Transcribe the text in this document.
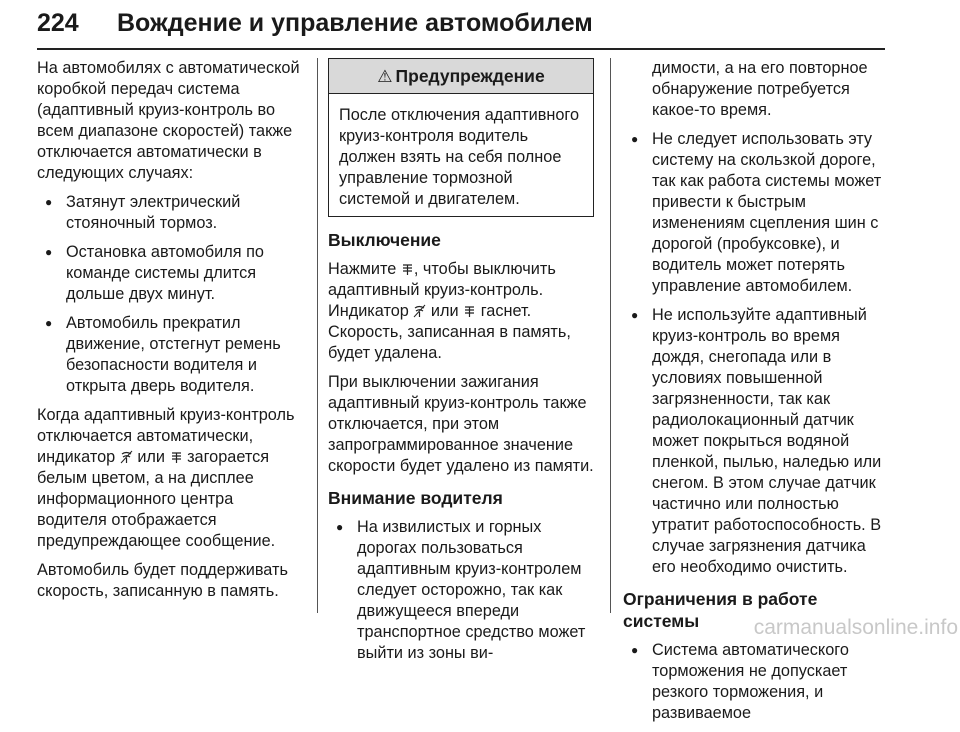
224 Вождение и управление автомобилем

На автомобилях с автоматической коробкой передач система (адаптивный круиз-контроль во всем диапазоне скоростей) также отключается автоматически в следующих случаях:

● Затянут электрический стояночный тормоз.
● Остановка автомобиля по команде системы длится дольше двух минут.
● Автомобиль прекратил движение, отстегнут ремень безопасности водителя и открыта дверь водителя.

Когда адаптивный круиз-контроль отключается автоматически, индикатор или загорается белым цветом, а на дисплее информационного центра водителя отображается предупреждающее сообщение.

Автомобиль будет поддерживать скорость, записанную в память.

⚠ Предупреждение

После отключения адаптивного круиз-контроля водитель должен взять на себя полное управление тормозной системой и двигателем.

Выключение

Нажмите , чтобы выключить адаптивный круиз-контроль. Индикатор или гаснет. Скорость, записанная в память, будет удалена.

При выключении зажигания адаптивный круиз-контроль также отключается, при этом запрограммированное значение скорости будет удалено из памяти.

Внимание водителя
● На извилистых и горных дорогах пользоваться адаптивным круиз-контролем следует осторожно, так как движущееся впереди транспортное средство может выйти из зоны ви-

димости, а на его повторное обнаружение потребуется какое-то время.

● Не следует использовать эту систему на скользкой дороге, так как работа системы может привести к быстрым изменениям сцепления шин с дорогой (пробуксовке), и водитель может потерять управление автомобилем.
● Не используйте адаптивный круиз-контроль во время дождя, снегопада или в условиях повышенной загрязненности, так как радиолокационный датчик может покрыться водяной пленкой, пылью, наледью или снегом. В этом случае датчик частично или полностью утратит работоспособность. В случае загрязнения датчика его необходимо очистить.
Ограничения в работе системы
● Система автоматического торможения не допускает резкого торможения, и развиваемое
carmanualsonline.info
